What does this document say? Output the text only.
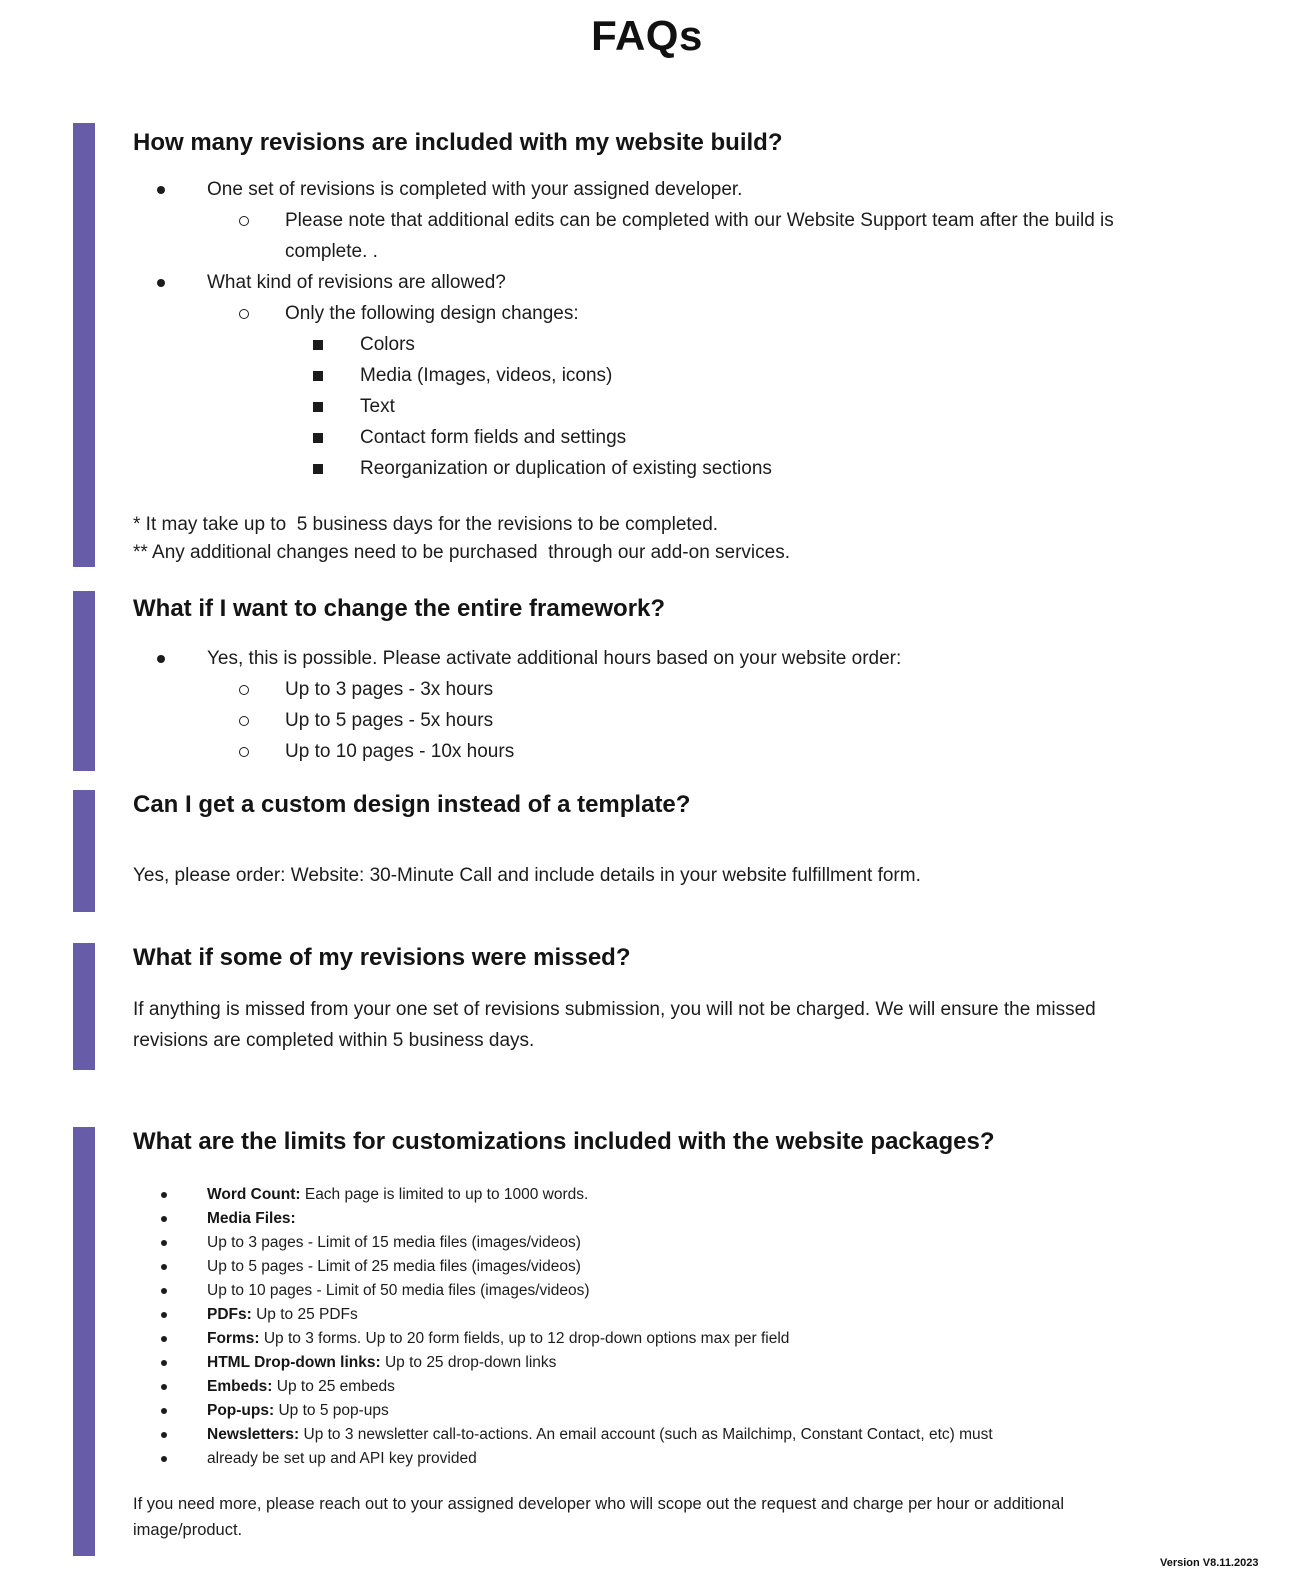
FAQs
How many revisions are included with my website build?
One set of revisions is completed with your assigned developer.
Please note that additional edits can be completed with our Website Support team after the build is complete. .
What kind of revisions are allowed?
Only the following design changes:
Colors
Media (Images, videos, icons)
Text
Contact form fields and settings
Reorganization or duplication of existing sections

* It may take up to  5 business days for the revisions to be completed.

** Any additional changes need to be purchased  through our add-on services.

What if I want to change the entire framework?
Yes, this is possible. Please activate additional hours based on your website order:
Up to 3 pages - 3x hours
Up to 5 pages - 5x hours
Up to 10 pages - 10x hours
Can I get a custom design instead of a template?

Yes, please order: Website: 30-Minute Call and include details in your website fulfillment form.

What if some of my revisions were missed?

If anything is missed from your one set of revisions submission, you will not be charged. We will ensure the missed revisions are completed within 5 business days.

What are the limits for customizations included with the website packages?
Word Count: Each page is limited to up to 1000 words.
Media Files:
Up to 3 pages - Limit of 15 media files (images/videos)
Up to 5 pages - Limit of 25 media files (images/videos)
Up to 10 pages - Limit of 50 media files (images/videos)
PDFs: Up to 25 PDFs
Forms: Up to 3 forms. Up to 20 form fields, up to 12 drop-down options max per field
HTML Drop-down links: Up to 25 drop-down links
Embeds: Up to 25 embeds
Pop-ups: Up to 5 pop-ups
Newsletters: Up to 3 newsletter call-to-actions. An email account (such as Mailchimp, Constant Contact, etc) must
already be set up and API key provided

If you need more, please reach out to your assigned developer who will scope out the request and charge per hour or additional image/product.

Version V8.11.2023
